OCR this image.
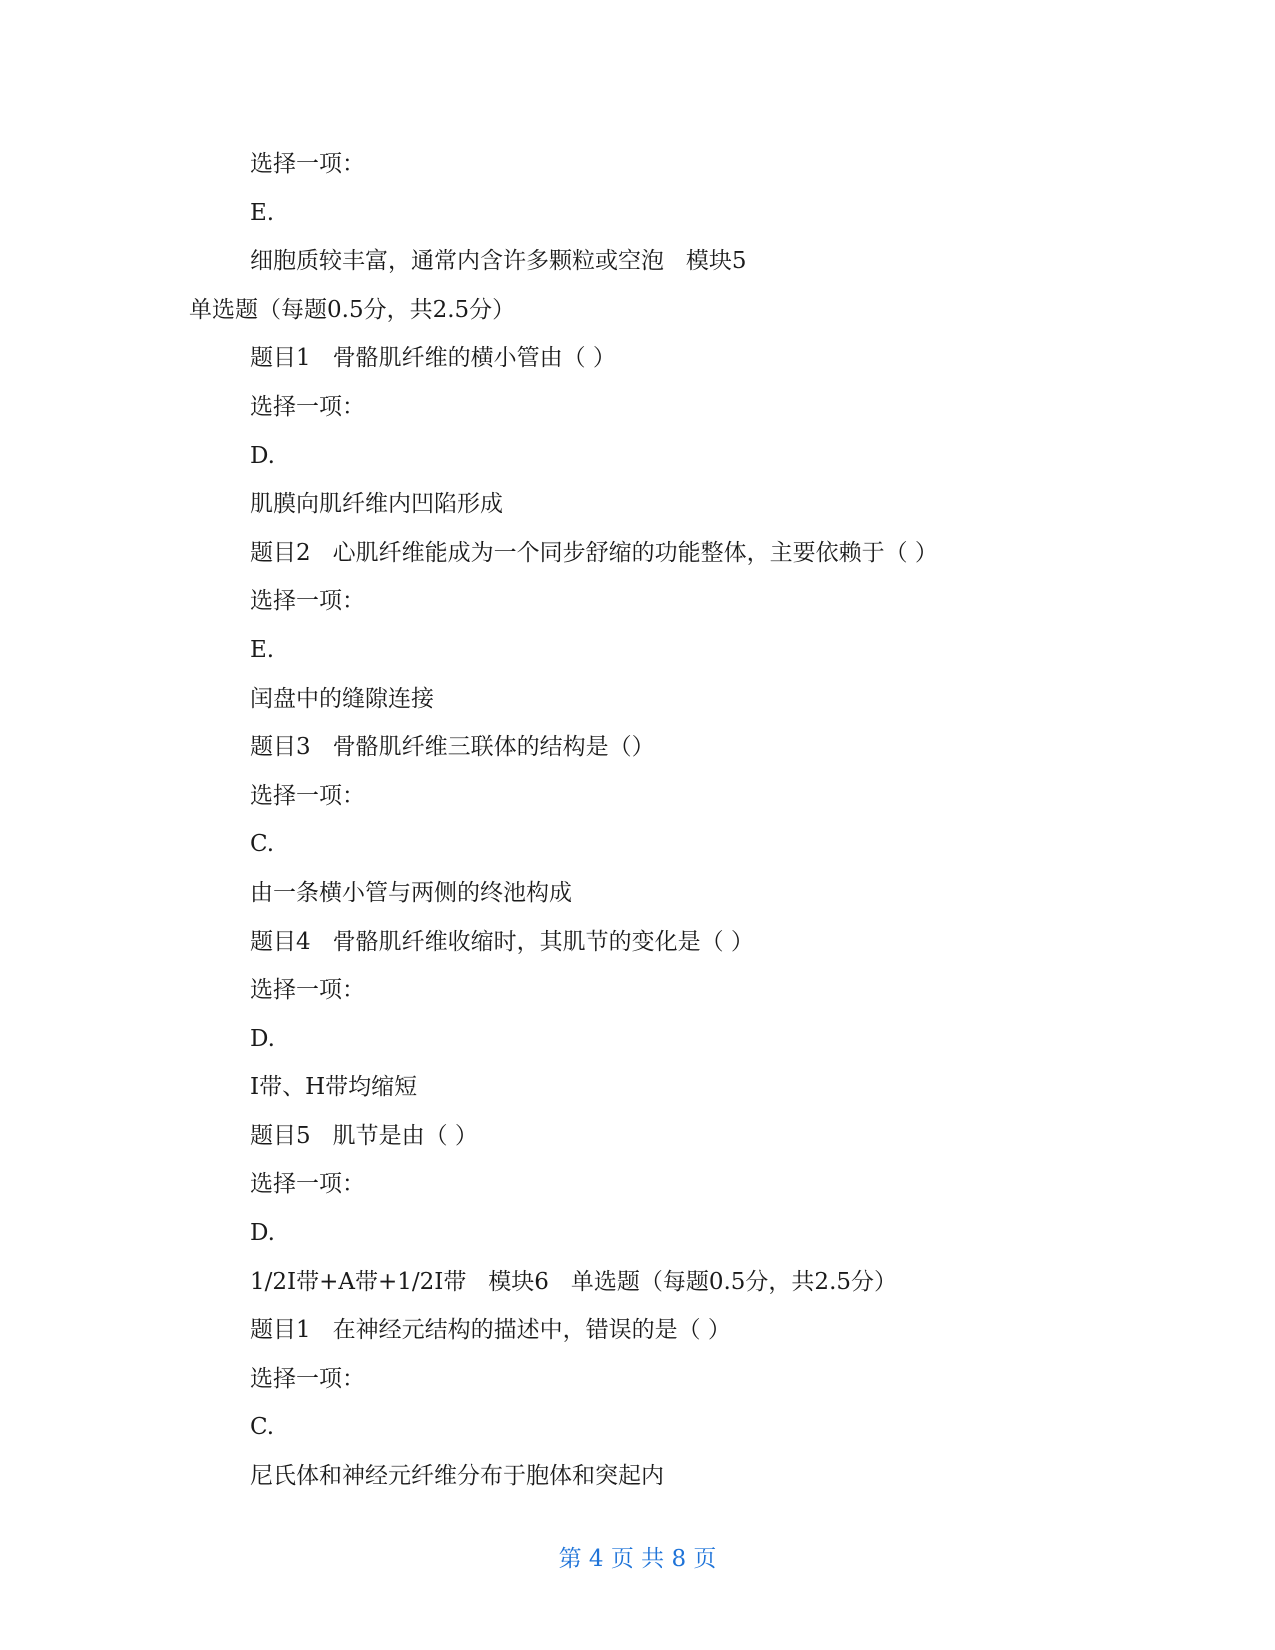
选择一项：

E.

细胞质较丰富，通常内含许多颗粒或空泡   模块5

单选题（每题0.5分，共2.5分）

题目1   骨骼肌纤维的横小管由（ ）

选择一项：

D.

肌膜向肌纤维内凹陷形成

题目2   心肌纤维能成为一个同步舒缩的功能整体，主要依赖于（ ）

选择一项：

E.

闰盘中的缝隙连接

题目3   骨骼肌纤维三联体的结构是（）

选择一项：

C.

由一条横小管与两侧的终池构成

题目4   骨骼肌纤维收缩时，其肌节的变化是（ ）

选择一项：

D.

I带、H带均缩短

题目5   肌节是由（ ）

选择一项：

D.

1/2I带+A带+1/2I带   模块6   单选题（每题0.5分，共2.5分）

题目1   在神经元结构的描述中，错误的是（ ）

选择一项：

C.

尼氏体和神经元纤维分布于胞体和突起内

第 4 页 共 8 页
